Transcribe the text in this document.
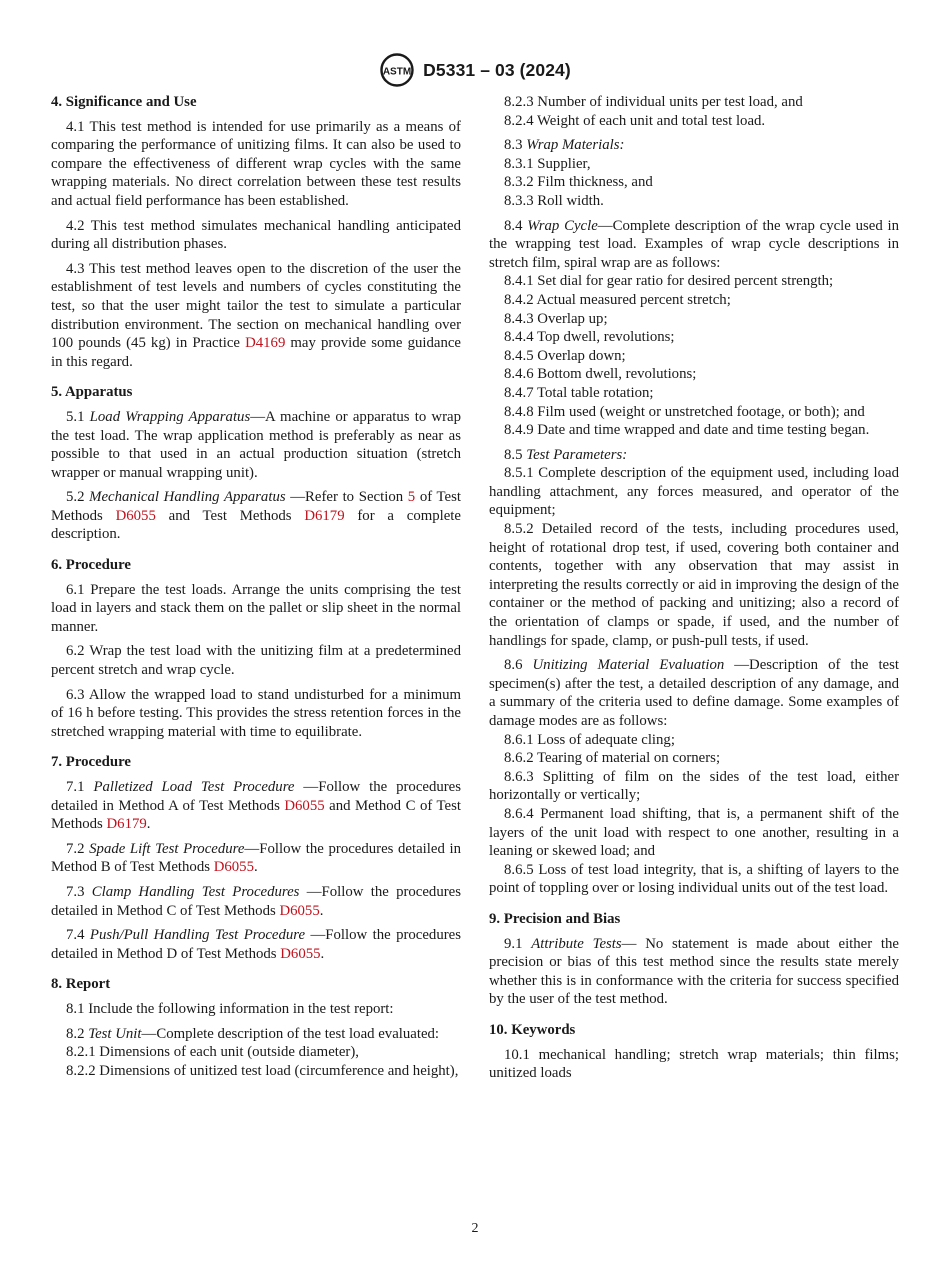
ASTM D5331 – 03 (2024)
4. Significance and Use

4.1 This test method is intended for use primarily as a means of comparing the performance of unitizing films. It can also be used to compare the effectiveness of different wrap cycles with the same wrapping materials. No direct correlation between these test results and actual field performance has been established.

4.2 This test method simulates mechanical handling anticipated during all distribution phases.

4.3 This test method leaves open to the discretion of the user the establishment of test levels and numbers of cycles constituting the test, so that the user might tailor the test to simulate a particular distribution environment. The section on mechanical handling over 100 pounds (45 kg) in Practice D4169 may provide some guidance in this regard.

5. Apparatus

5.1 Load Wrapping Apparatus—A machine or apparatus to wrap the test load. The wrap application method is preferably as near as possible to that used in an actual production situation (stretch wrapper or manual wrapping unit).

5.2 Mechanical Handling Apparatus —Refer to Section 5 of Test Methods D6055 and Test Methods D6179 for a complete description.

6. Procedure

6.1 Prepare the test loads. Arrange the units comprising the test load in layers and stack them on the pallet or slip sheet in the normal manner.

6.2 Wrap the test load with the unitizing film at a predetermined percent stretch and wrap cycle.

6.3 Allow the wrapped load to stand undisturbed for a minimum of 16 h before testing. This provides the stress retention forces in the stretched wrapping material with time to equilibrate.

7. Procedure

7.1 Palletized Load Test Procedure —Follow the procedures detailed in Method A of Test Methods D6055 and Method C of Test Methods D6179.

7.2 Spade Lift Test Procedure—Follow the procedures detailed in Method B of Test Methods D6055.

7.3 Clamp Handling Test Procedures —Follow the procedures detailed in Method C of Test Methods D6055.

7.4 Push/Pull Handling Test Procedure —Follow the procedures detailed in Method D of Test Methods D6055.

8. Report

8.1 Include the following information in the test report:

8.2 Test Unit—Complete description of the test load evaluated:

8.2.1 Dimensions of each unit (outside diameter),

8.2.2 Dimensions of unitized test load (circumference and height),

8.2.3 Number of individual units per test load, and

8.2.4 Weight of each unit and total test load.

8.3 Wrap Materials:

8.3.1 Supplier,

8.3.2 Film thickness, and

8.3.3 Roll width.

8.4 Wrap Cycle—Complete description of the wrap cycle used in the wrapping test load. Examples of wrap cycle descriptions in stretch film, spiral wrap are as follows:

8.4.1 Set dial for gear ratio for desired percent strength;

8.4.2 Actual measured percent stretch;

8.4.3 Overlap up;

8.4.4 Top dwell, revolutions;

8.4.5 Overlap down;

8.4.6 Bottom dwell, revolutions;

8.4.7 Total table rotation;

8.4.8 Film used (weight or unstretched footage, or both); and

8.4.9 Date and time wrapped and date and time testing began.

8.5 Test Parameters:

8.5.1 Complete description of the equipment used, including load handling attachment, any forces measured, and operator of the equipment;

8.5.2 Detailed record of the tests, including procedures used, height of rotational drop test, if used, covering both container and contents, together with any observation that may assist in interpreting the results correctly or aid in improving the design of the container or the method of packing and unitizing; also a record of the orientation of clamps or spade, if used, and the number of handlings for spade, clamp, or push-pull tests, if used.

8.6 Unitizing Material Evaluation —Description of the test specimen(s) after the test, a detailed description of any damage, and a summary of the criteria used to define damage. Some examples of damage modes are as follows:

8.6.1 Loss of adequate cling;

8.6.2 Tearing of material on corners;

8.6.3 Splitting of film on the sides of the test load, either horizontally or vertically;

8.6.4 Permanent load shifting, that is, a permanent shift of the layers of the unit load with respect to one another, resulting in a leaning or skewed load; and

8.6.5 Loss of test load integrity, that is, a shifting of layers to the point of toppling over or losing individual units out of the test load.

9. Precision and Bias

9.1 Attribute Tests— No statement is made about either the precision or bias of this test method since the results state merely whether this is in conformance with the criteria for success specified by the user of the test method.

10. Keywords

10.1 mechanical handling; stretch wrap materials; thin films; unitized loads

2
